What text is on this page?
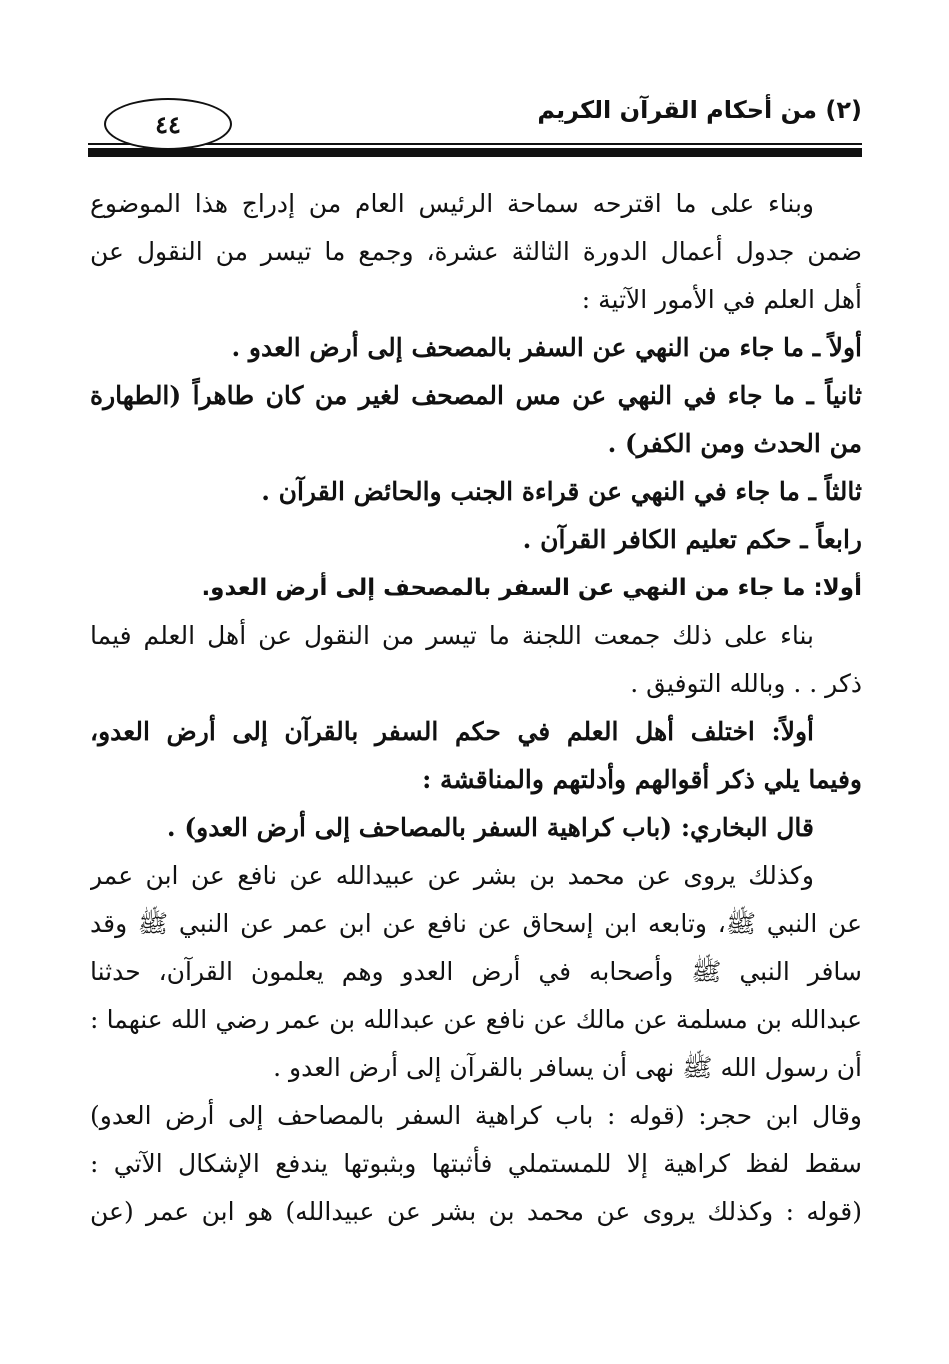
٤٤	(٢) من أحكام القرآن الكريم
وبناء على ما اقترحه سماحة الرئيس العام من إدراج هذا الموضوع
ضمن جدول أعمال الدورة الثالثة عشرة، وجمع ما تيسر من النقول عن
أهل العلم في الأمور الآتية :
أولاً ـ ما جاء من النهي عن السفر بالمصحف إلى أرض العدو .
ثانياً ـ ما جاء في النهي عن مس المصحف لغير من كان طاهراً (الطهارة
من الحدث ومن الكفر) .
ثالثاً ـ ما جاء في النهي عن قراءة الجنب والحائض القرآن .
رابعاً ـ حكم تعليم الكافر القرآن .
أولا: ما جاء من النهي عن السفر بالمصحف إلى أرض العدو.
بناء على ذلك جمعت اللجنة ما تيسر من النقول عن أهل العلم فيما
ذكر . . وبالله التوفيق .
أولاً: اختلف أهل العلم في حكم السفر بالقرآن إلى أرض العدو،
وفيما يلي ذكر أقوالهم وأدلتهم والمناقشة :
قال البخاري: (باب كراهية السفر بالمصاحف إلى أرض العدو) .
وكذلك يروى عن محمد بن بشر عن عبيدالله عن نافع عن ابن عمر
عن النبي ﷺ، وتابعه ابن إسحاق عن نافع عن ابن عمر عن النبي ﷺ وقد
سافر النبي ﷺ وأصحابه في أرض العدو وهم يعلمون القرآن، حدثنا
عبدالله بن مسلمة عن مالك عن نافع عن عبدالله بن عمر رضي الله عنهما :
أن رسول الله ﷺ نهى أن يسافر بالقرآن إلى أرض العدو .
وقال ابن حجر: (قوله : باب كراهية السفر بالمصاحف إلى أرض العدو)
سقط لفظ كراهية إلا للمستملي فأثبتها وبثبوتها يندفع الإشكال الآتي :
(قوله : وكذلك يروى عن محمد بن بشر عن عبيدالله) هو ابن عمر (عن
